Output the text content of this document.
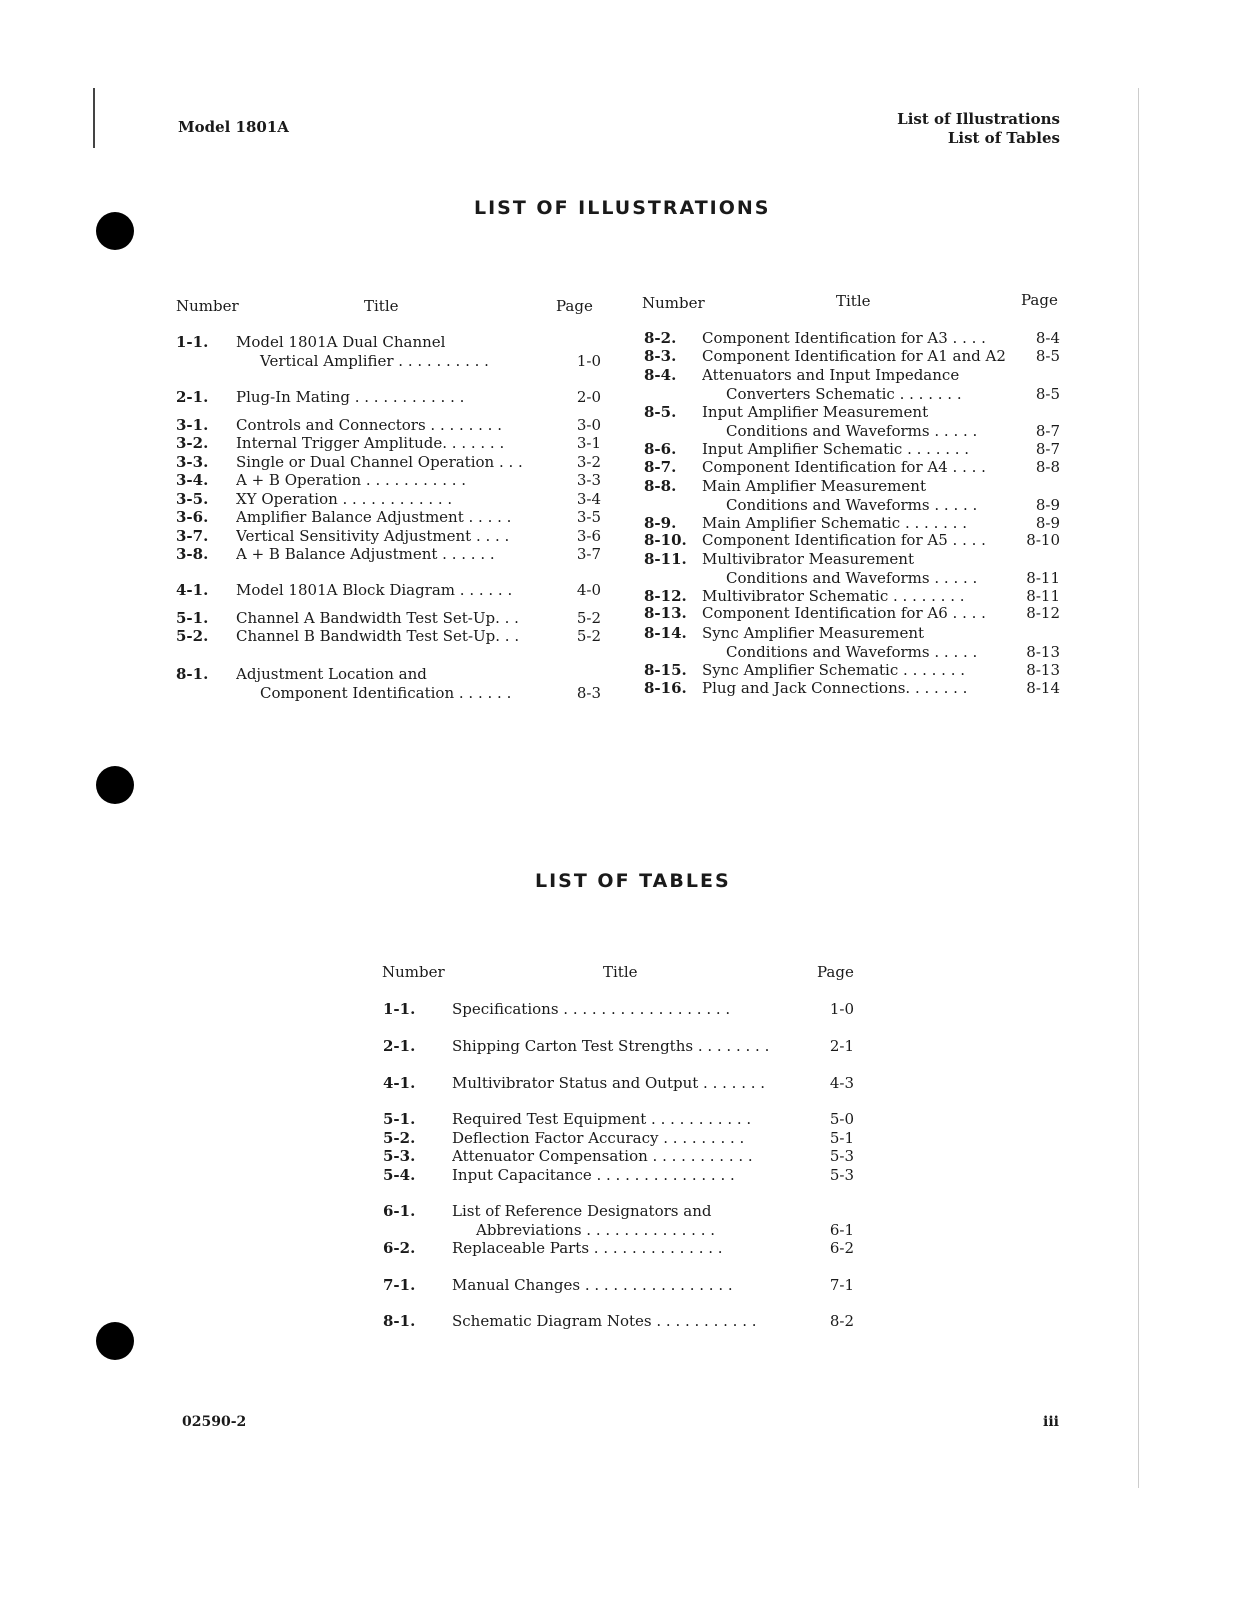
Model 1801A	List of Illustrations
List of Tables
LIST OF ILLUSTRATIONS
Number	Title	Page	Number	Title	Page
1-1. Model 1801A Dual Channel
Vertical Amplifier . . . . . . . . . .	1-0
2-1. Plug-In Mating . . . . . . . . . . . .	2-0
3-1. Controls and Connectors . . . . . . . .	3-0
3-2. Internal Trigger Amplitude. . . . . . .	3-1
3-3. Single or Dual Channel Operation . . .	3-2
3-4. A + B Operation . . . . . . . . . . .	3-3
3-5. XY Operation . . . . . . . . . . . .	3-4
3-6. Amplifier Balance Adjustment . . . . .	3-5
3-7. Vertical Sensitivity Adjustment . . . .	3-6
3-8. A + B Balance Adjustment . . . . . .	3-7
4-1. Model 1801A Block Diagram . . . . . .	4-0
5-1. Channel A Bandwidth Test Set-Up. . .	5-2
5-2. Channel B Bandwidth Test Set-Up. . .	5-2
8-1. Adjustment Location and
Component Identification . . . . . .	8-3
8-2. Component Identification for A3 . . . .	8-4
8-3. Component Identification for A1 and A2	8-5
8-4. Attenuators and Input Impedance
Converters Schematic . . . . . . .	8-5
8-5. Input Amplifier Measurement
Conditions and Waveforms . . . . .	8-7
8-6. Input Amplifier Schematic . . . . . . .	8-7
8-7. Component Identification for A4 . . . .	8-8
8-8. Main Amplifier Measurement
Conditions and Waveforms . . . . .	8-9
8-9. Main Amplifier Schematic . . . . . . .	8-9
8-10. Component Identification for A5 . . . .	8-10
8-11. Multivibrator Measurement
Conditions and Waveforms . . . . .	8-11
8-12. Multivibrator Schematic . . . . . . . .	8-11
8-13. Component Identification for A6 . . . .	8-12
8-14. Sync Amplifier Measurement
Conditions and Waveforms . . . . .	8-13
8-15. Sync Amplifier Schematic . . . . . . .	8-13
8-16. Plug and Jack Connections. . . . . . .	8-14
LIST OF TABLES
Number	Title	Page
1-1. Specifications . . . . . . . . . . . . . . . . . .	1-0
2-1. Shipping Carton Test Strengths . . . . . . . .	2-1
4-1. Multivibrator Status and Output . . . . . . .	4-3
5-1. Required Test Equipment . . . . . . . . . . .	5-0
5-2. Deflection Factor Accuracy . . . . . . . . .	5-1
5-3. Attenuator Compensation . . . . . . . . . . .	5-3
5-4. Input Capacitance . . . . . . . . . . . . . . .	5-3
6-1. List of Reference Designators and
Abbreviations . . . . . . . . . . . . . .	6-1
6-2. Replaceable Parts . . . . . . . . . . . . . .	6-2
7-1. Manual Changes . . . . . . . . . . . . . . . .	7-1
8-1. Schematic Diagram Notes . . . . . . . . . . .	8-2
02590-2	iii
